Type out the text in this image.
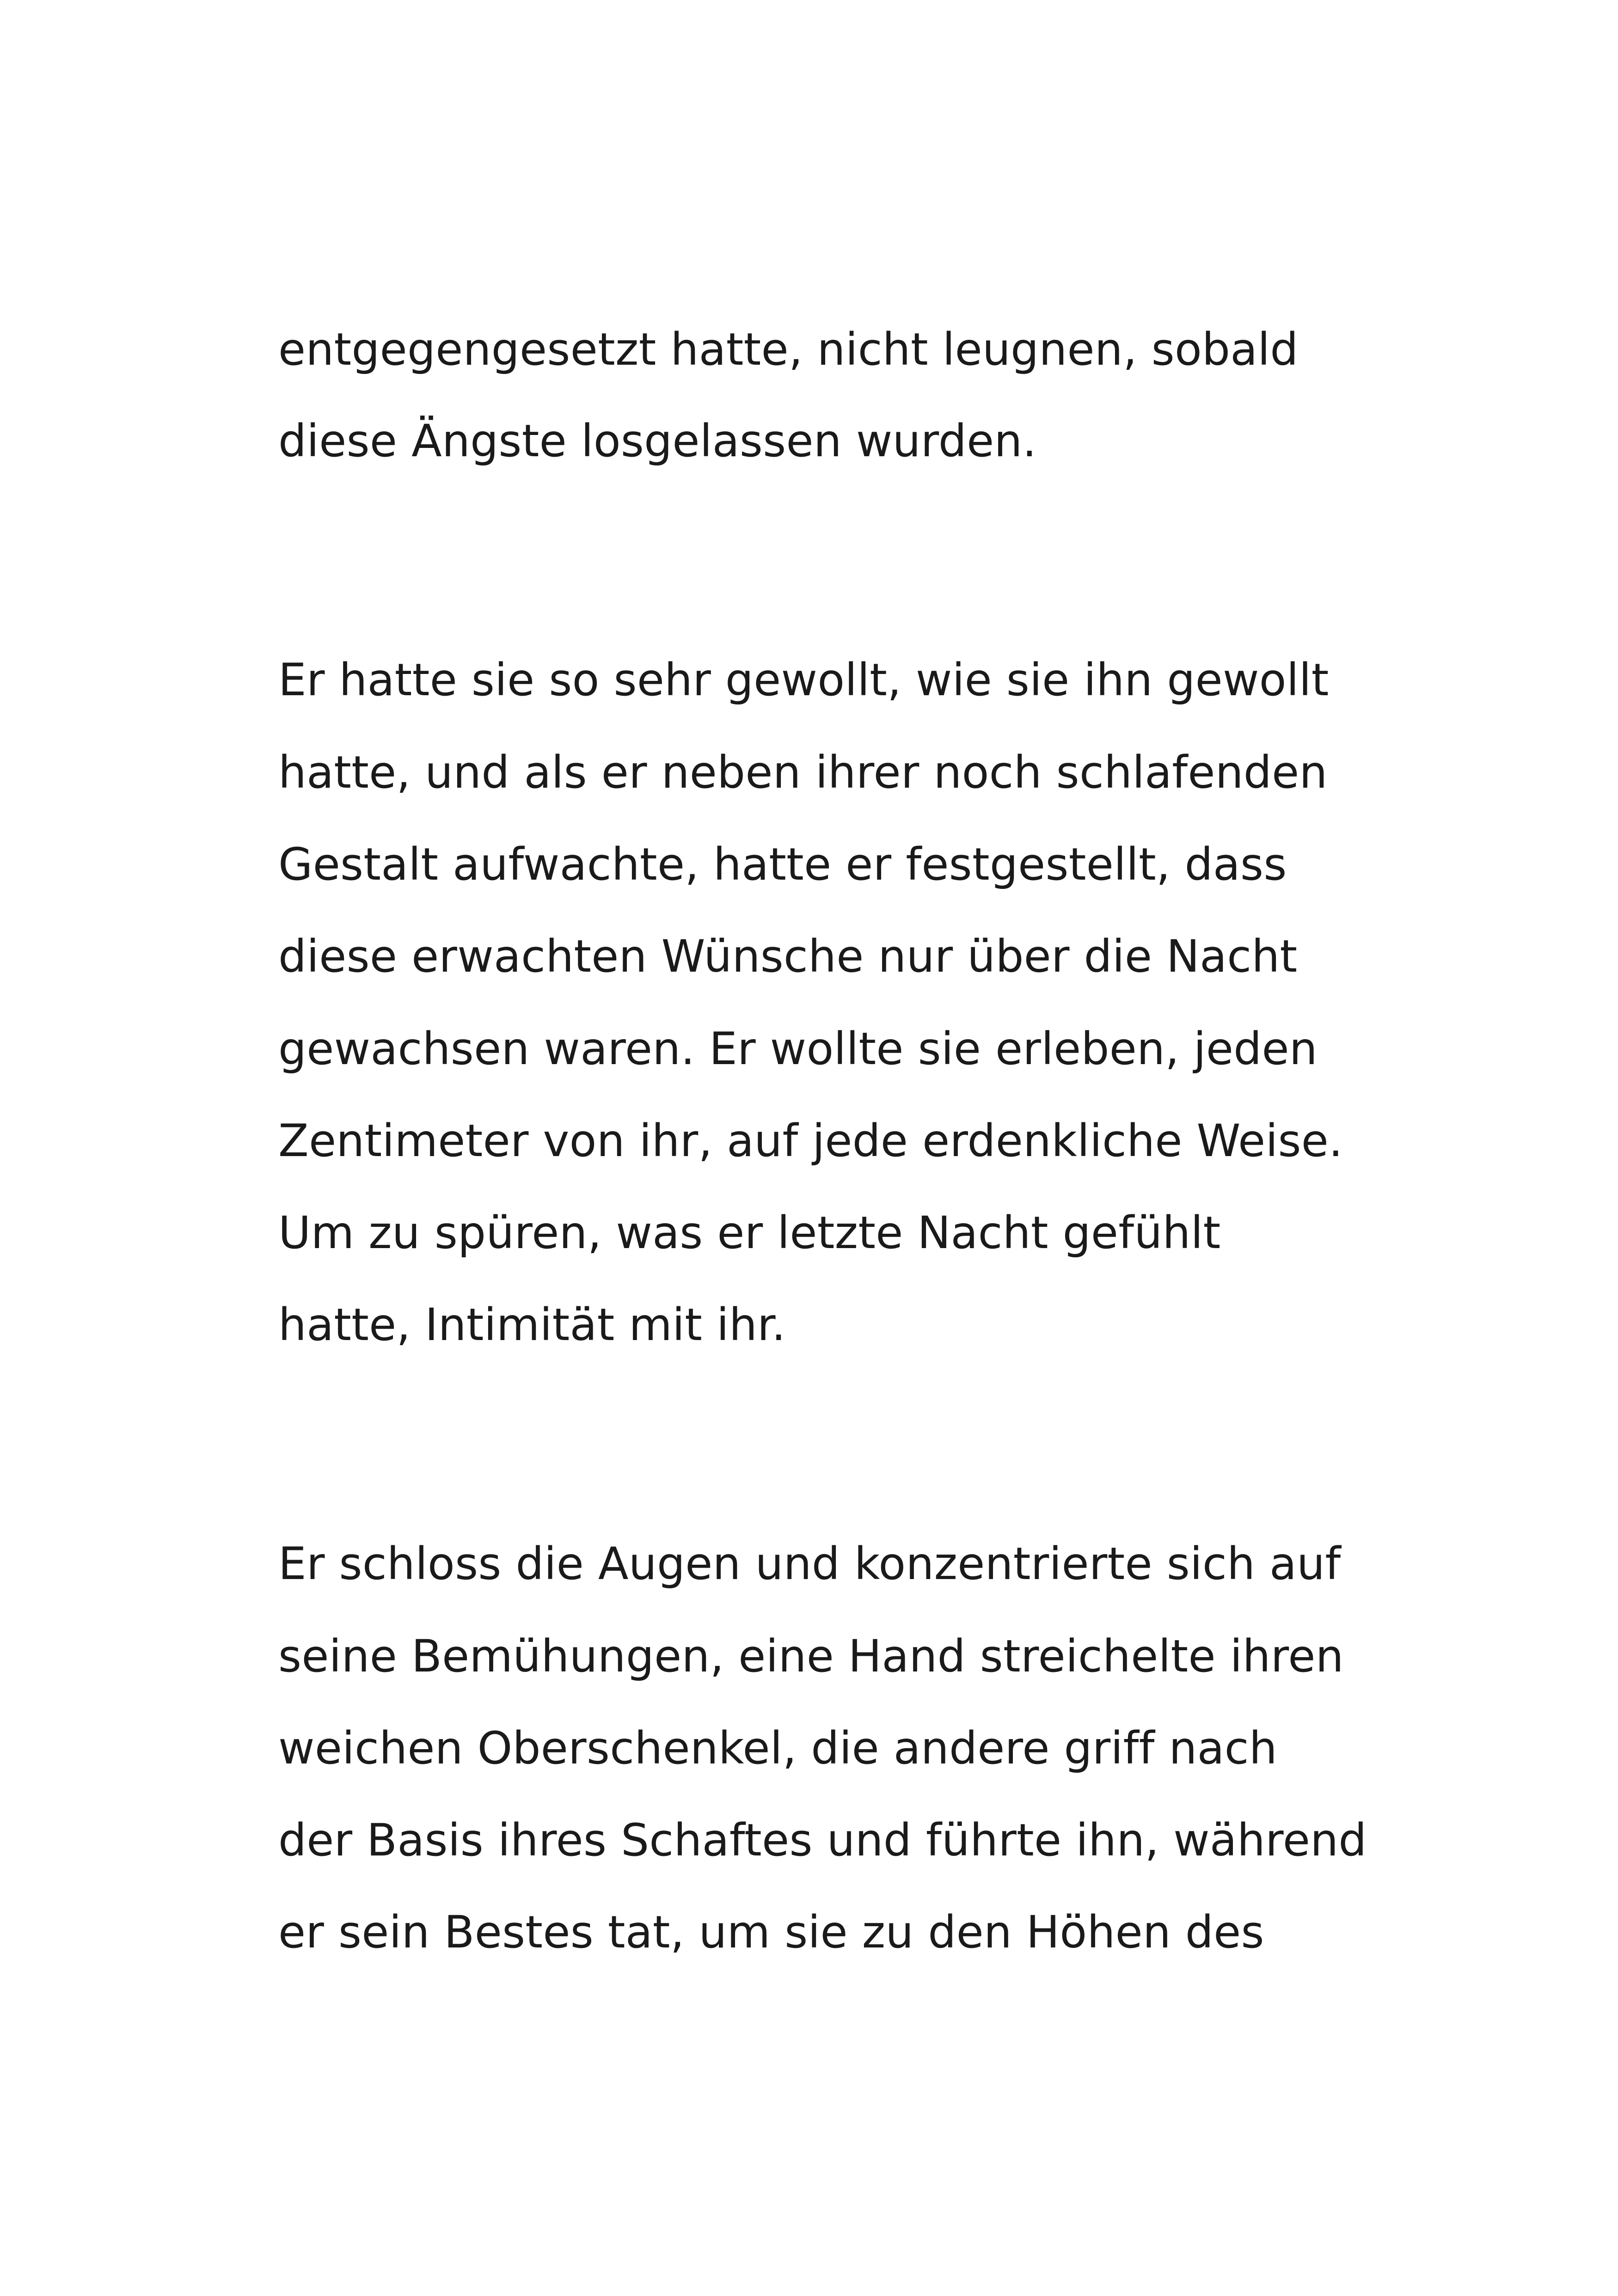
entgegengesetzt hatte, nicht leugnen, sobald

diese Ängste losgelassen wurden.

Er hatte sie so sehr gewollt, wie sie ihn gewollt

hatte, und als er neben ihrer noch schlafenden

Gestalt aufwachte, hatte er festgestellt, dass

diese erwachten Wünsche nur über die Nacht

gewachsen waren. Er wollte sie erleben, jeden

Zentimeter von ihr, auf jede erdenkliche Weise.

Um zu spüren, was er letzte Nacht gefühlt

hatte, Intimität mit ihr.

Er schloss die Augen und konzentrierte sich auf

seine Bemühungen, eine Hand streichelte ihren

weichen Oberschenkel, die andere griff nach

der Basis ihres Schaftes und führte ihn, während

er sein Bestes tat, um sie zu den Höhen des
